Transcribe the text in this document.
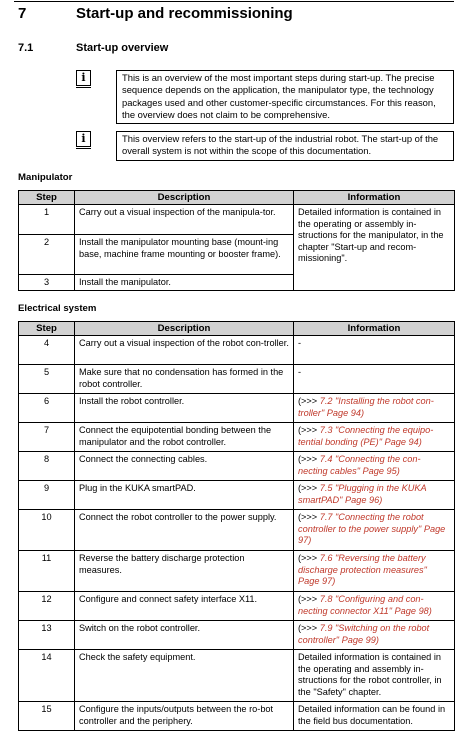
7	Start-up and recommissioning
7.1	Start-up overview
i	This is an overview of the most important steps during start-up. The precise sequence depends on the application, the manipulator type, the technology packages used and other customer-specific circumstances. For this reason, the overview does not claim to be comprehensive.
i	This overview refers to the start-up of the industrial robot. The start-up of the overall system is not within the scope of this documentation.
Manipulator
Step	Description	Information
1	Carry out a visual inspection of the manipula-tor.	Detailed information is contained in the operating or assembly in-structions for the manipulator, in the chapter "Start-up and recom-missioning".
2	Install the manipulator mounting base (mount-ing base, machine frame mounting or booster frame).	
3	Install the manipulator.	
Electrical system
Step	Description	Information
4	Carry out a visual inspection of the robot con-troller.	-
5	Make sure that no condensation has formed in the robot controller.	-
6	Install the robot controller.	(>>> 7.2 "Installing the robot con-troller" Page 94)
7	Connect the equipotential bonding between the manipulator and the robot controller.	(>>> 7.3 "Connecting the equipo-tential bonding (PE)" Page 94)
8	Connect the connecting cables.	(>>> 7.4 "Connecting the con-necting cables" Page 95)
9	Plug in the KUKA smartPAD.	(>>> 7.5 "Plugging in the KUKA smartPAD" Page 96)
10	Connect the robot controller to the power supply.	(>>> 7.7 "Connecting the robot controller to the power supply" Page 97)
11	Reverse the battery discharge protection measures.	(>>> 7.6 "Reversing the battery discharge protection measures" Page 97)
12	Configure and connect safety interface X11.	(>>> 7.8 "Configuring and con-necting connector X11" Page 98)
13	Switch on the robot controller.	(>>> 7.9 "Switching on the robot controller" Page 99)
14	Check the safety equipment.	Detailed information is contained in the operating and assembly in-structions for the robot controller, in the "Safety" chapter.
15	Configure the inputs/outputs between the ro-bot controller and the periphery.	Detailed information can be found in the field bus documentation.
